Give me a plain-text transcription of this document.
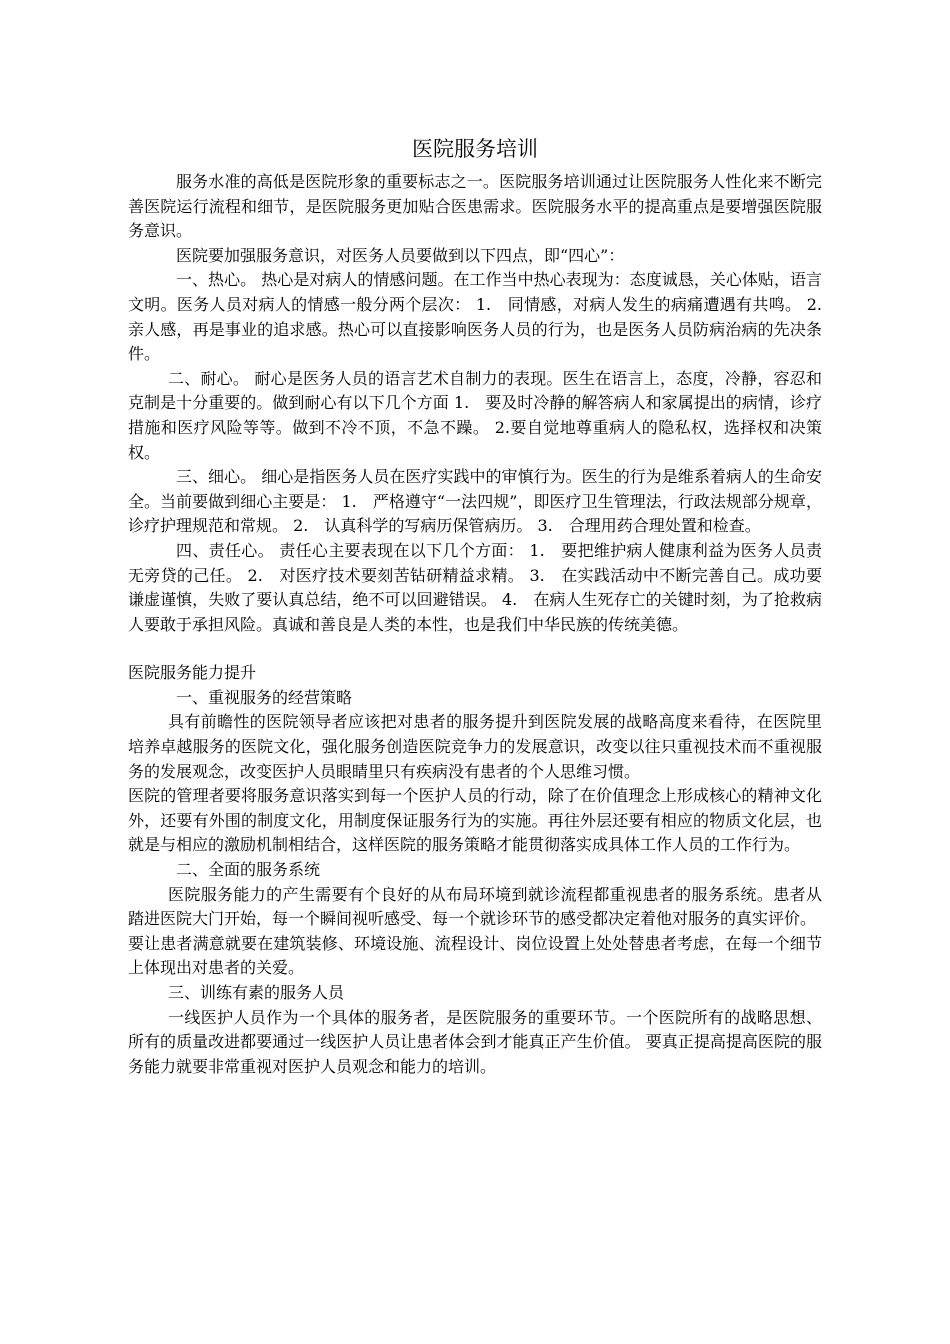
医院服务培训

服务水准的高低是医院形象的重要标志之一。医院服务培训通过让医院服务人性化来不断完善医院运行流程和细节，是医院服务更加贴合医患需求。医院服务水平的提高重点是要增强医院服务意识。

医院要加强服务意识，对医务人员要做到以下四点，即“四心”：

一、热心。 热心是对病人的情感问题。在工作当中热心表现为：态度诚恳，关心体贴，语言文明。医务人员对病人的情感一般分两个层次： 1.　同情感，对病人发生的病痛遭遇有共鸣。 2.　亲人感，再是事业的追求感。热心可以直接影响医务人员的行为，也是医务人员防病治病的先决条件。

二、耐心。 耐心是医务人员的语言艺术自制力的表现。医生在语言上，态度，冷静，容忍和克制是十分重要的。做到耐心有以下几个方面 1.　要及时冷静的解答病人和家属提出的病情，诊疗措施和医疗风险等等。做到不冷不顶，不急不躁。 2.要自觉地尊重病人的隐私权，选择权和决策权。

三、细心。 细心是指医务人员在医疗实践中的审慎行为。医生的行为是维系着病人的生命安全。当前要做到细心主要是： 1.　严格遵守“一法四规”，即医疗卫生管理法，行政法规部分规章，诊疗护理规范和常规。 2.　认真科学的写病历保管病历。 3.　合理用药合理处置和检查。

四、责任心。 责任心主要表现在以下几个方面： 1.　要把维护病人健康利益为医务人员责无旁贷的己任。 2.　对医疗技术要刻苦钻研精益求精。 3.　在实践活动中不断完善自己。成功要谦虚谨慎，失败了要认真总结，绝不可以回避错误。 4.　在病人生死存亡的关键时刻，为了抢救病人要敢于承担风险。真诚和善良是人类的本性，也是我们中华民族的传统美德。

医院服务能力提升

一、重视服务的经营策略

具有前瞻性的医院领导者应该把对患者的服务提升到医院发展的战略高度来看待，在医院里培养卓越服务的医院文化，强化服务创造医院竞争力的发展意识，改变以往只重视技术而不重视服务的发展观念，改变医护人员眼睛里只有疾病没有患者的个人思维习惯。

医院的管理者要将服务意识落实到每一个医护人员的行动，除了在价值理念上形成核心的精神文化外，还要有外围的制度文化，用制度保证服务行为的实施。再往外层还要有相应的物质文化层，也就是与相应的激励机制相结合，这样医院的服务策略才能贯彻落实成具体工作人员的工作行为。

二、全面的服务系统

医院服务能力的产生需要有个良好的从布局环境到就诊流程都重视患者的服务系统。患者从踏进医院大门开始，每一个瞬间视听感受、每一个就诊环节的感受都决定着他对服务的真实评价。

要让患者满意就要在建筑装修、环境设施、流程设计、岗位设置上处处替患者考虑，在每一个细节上体现出对患者的关爱。

三、训练有素的服务人员

一线医护人员作为一个具体的服务者，是医院服务的重要环节。一个医院所有的战略思想、所有的质量改进都要通过一线医护人员让患者体会到才能真正产生价值。 要真正提高提高医院的服务能力就要非常重视对医护人员观念和能力的培训。
